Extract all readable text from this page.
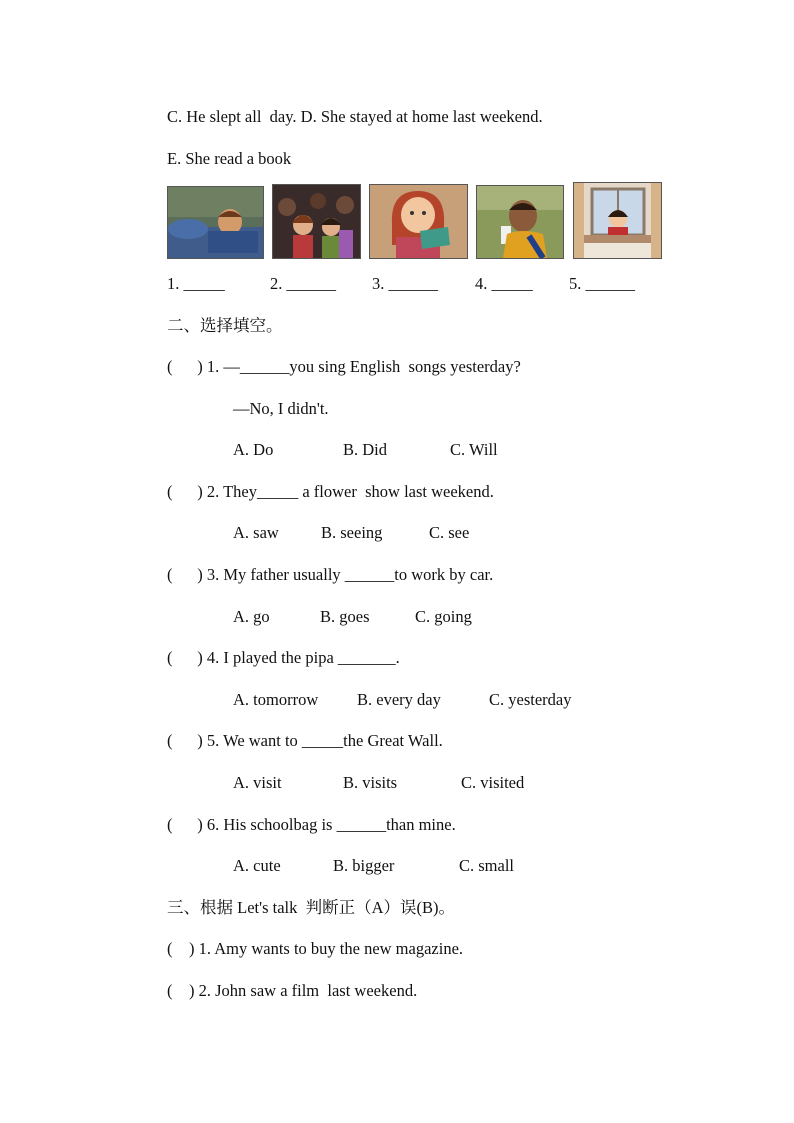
C. He slept all  day. D. She stayed at home last weekend.
E. She read a book
1. _____	2. ______ 3. ______ 4. _____ 5. ______
二、选择填空。
(      ) 1. —______you sing English  songs yesterday?
—No, I didn't.
A. Do	B. Did	C. Will
(      ) 2. They_____ a flower  show last weekend.
A. saw	B. seeing	C. see
(      ) 3. My father usually ______to work by car.
A. go	B. goes	C. going
(      ) 4. I played the pipa _______.
A. tomorrow B. every day	C. yesterday
(      ) 5. We want to _____the Great Wall.
A. visit	B. visits	C. visited
(      ) 6. His schoolbag is ______than mine.
A. cute	B. bigger	C. small
三、根据 Let's talk  判断正（A）误(B)。
(    ) 1. Amy wants to buy the new magazine.
(    ) 2. John saw a film  last weekend.
